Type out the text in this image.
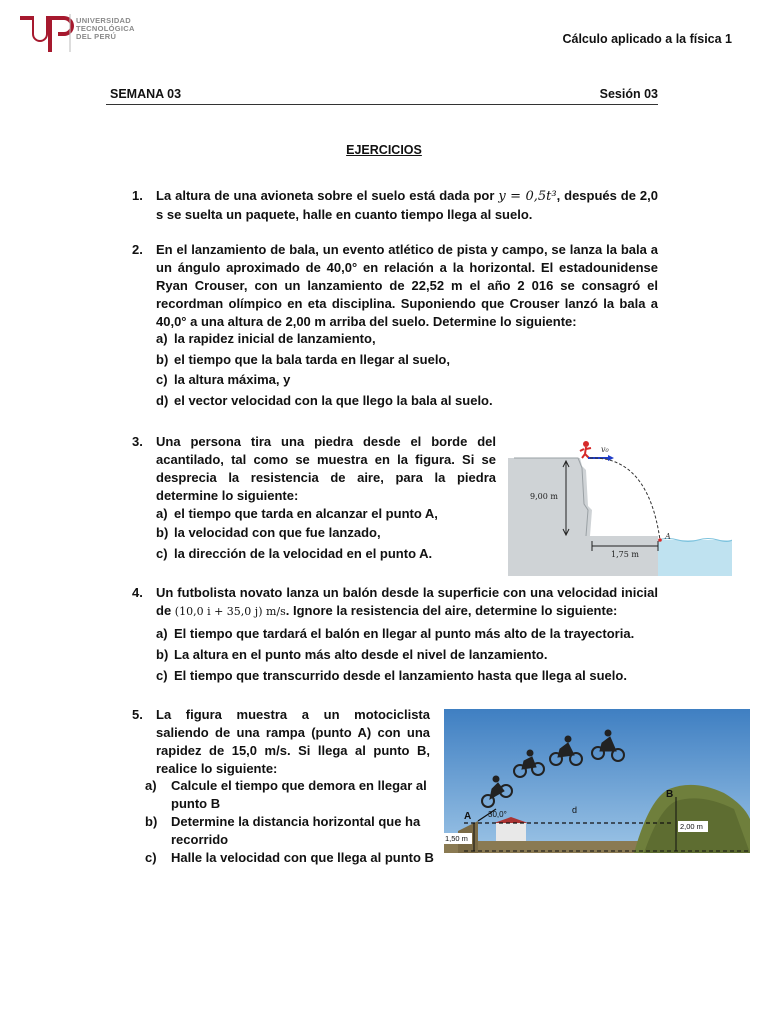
UNIVERSIDAD
TECNOLÓGICA
DEL PERÚ	Cálculo aplicado a la física 1
SEMANA 03	Sesión 03
EJERCICIOS
1. La altura de una avioneta sobre el suelo está dada por y = 0,5t³, después de 2,0 s se suelta un paquete, halle en cuanto tiempo llega al suelo.
2. En el lanzamiento de bala, un evento atlético de pista y campo, se lanza la bala a un ángulo aproximado de 40,0° en relación a la horizontal. El estadounidense Ryan Crouser, con un lanzamiento de 22,52 m el año 2 016 se consagró el recordman olímpico en eta disciplina. Suponiendo que Crouser lanzó la bala a 40,0° a una altura de 2,00 m arriba del suelo. Determine lo siguiente:
a) la rapidez inicial de lanzamiento,
b) el tiempo que la bala tarda en llegar al suelo,
c) la altura máxima, y
d) el vector velocidad con la que llego la bala al suelo.
3. Una persona tira una piedra desde el borde del acantilado, tal como se muestra en la figura. Si se desprecia la resistencia de aire, para la piedra determine lo siguiente:
a) el tiempo que tarda en alcanzar el punto A,
b) la velocidad con que fue lanzado,
c) la dirección de la velocidad en el punto A.
v₀
A
9,00 m
1,75 m
4. Un futbolista novato lanza un balón desde la superficie con una velocidad inicial de (10,0 i + 35,0 j) m/s. Ignore la resistencia del aire, determine lo siguiente:
a) El tiempo que tardará el balón en llegar al punto más alto de la trayectoria.
b) La altura en el punto más alto desde el nivel de lanzamiento.
c) El tiempo que transcurrido desde el lanzamiento hasta que llega al suelo.
5. La figura muestra a un motociclista saliendo de una rampa (punto A) con una rapidez de 15,0 m/s. Si llega al punto B, realice lo siguiente:
a) Calcule el tiempo que demora en llegar al punto B
b) Determine la distancia horizontal que ha recorrido
c) Halle la velocidad con que llega al punto B
A
B
30,0°	d
1,50 m
2,00 m
